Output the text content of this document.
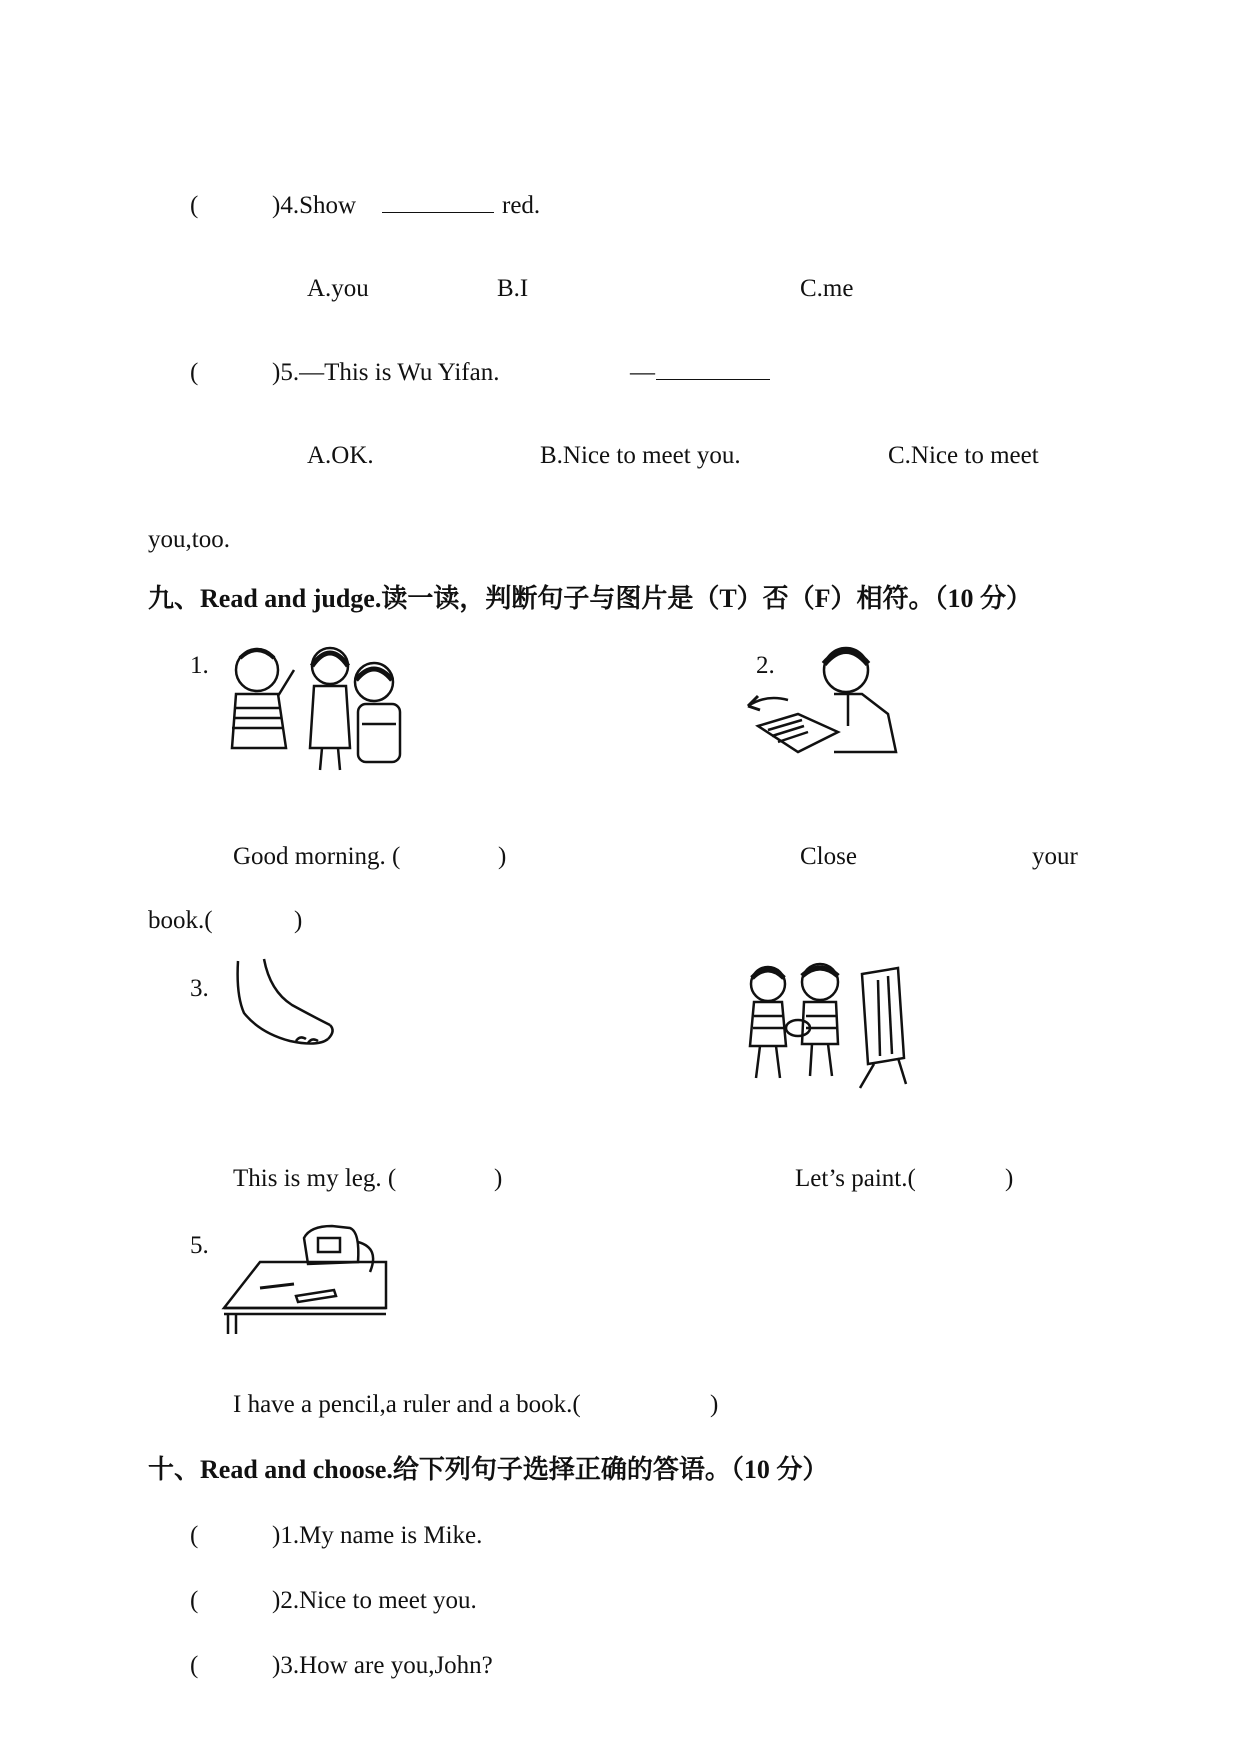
(	)4.Show	red.
A.you	B.I	C.me
(	)5.—This is Wu Yifan.	—
A.OK.	B.Nice to meet you.	C.Nice to meet
you,too.
九、Read and judge.读一读，判断句子与图片是（T）否（F）相符。（10 分）
1.	2.
Good morning. (	)	Close	your
book.(	)
3.
This is my leg. (	)	Let’s paint.(	)
5.
I have a pencil,a ruler and a book.(	)
十、Read and choose.给下列句子选择正确的答语。（10 分）
(	)1.My name is Mike.
(	)2.Nice to meet you.
(	)3.How are you,John?
